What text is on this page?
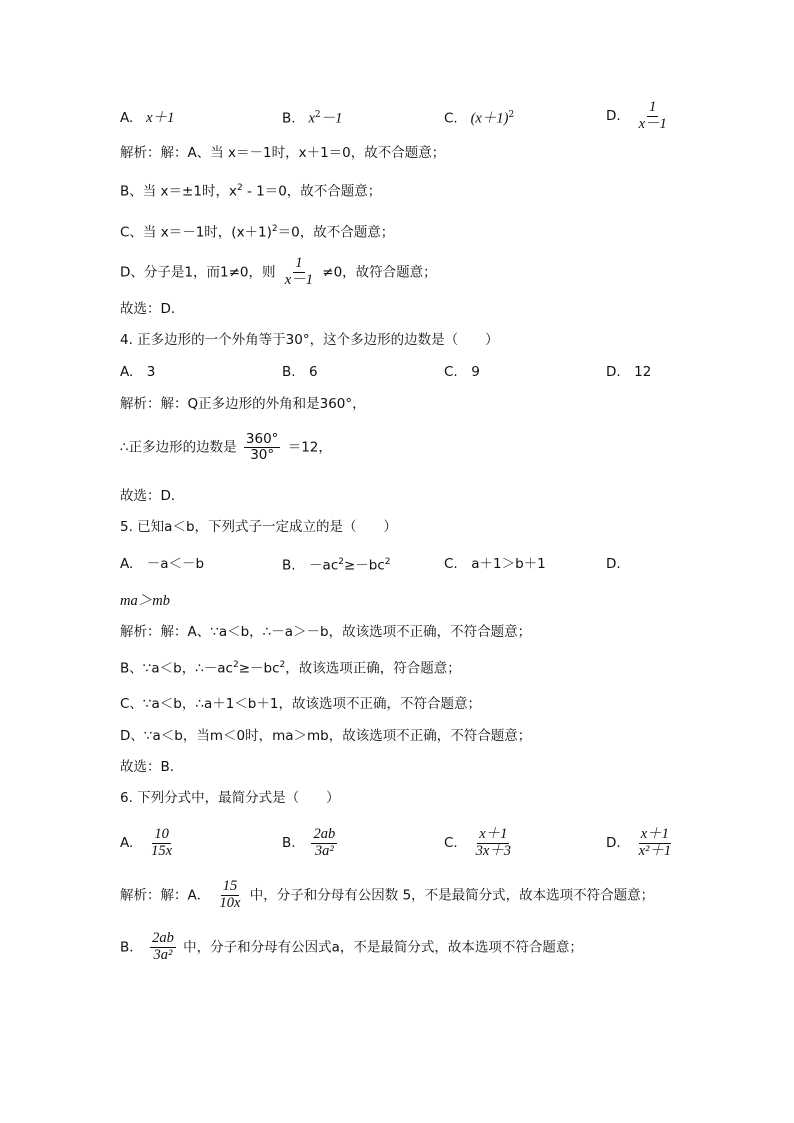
A. x＋1	B. $x^2-1$	C. $(x+1)^2$	D. $\frac{1}{x-1}$
解析：解：A、当 x＝－1时，x＋1＝0，故不合题意；
B、当 x＝±1时，$x^2 - 1=0$，故不合题意；
C、当 x＝－1时，$(x+1)^2=0$，故不合题意；
D、分子是1，而1≠0，则 $\frac{1}{x-1} \ne 0$，故符合题意；
故选：D．
4. 正多边形的一个外角等于30°，这个多边形的边数是（　　）
A.　3	B.　6	C.　9	D.　12
解析：解：Q正多边形的外角和是360°，
∴正多边形的边数是 $\frac{360^\circ}{30^\circ} =12$，
故选：D．
5. 已知a＜b，下列式子一定成立的是（　　）
A.　－a＜－b	B.　$-ac^2\ge-bc^2$	C.　a＋1＞b＋1	D.
ma＞mb
解析：解：A、∵a＜b，∴－a＞－b，故该选项不正确，不符合题意；
B、∵a＜b，$\therefore-ac^2\ge-bc^2$，故该选项正确，符合题意；
C、∵a＜b，∴a＋1＜b＋1，故该选项不正确，不符合题意；
D、∵a＜b，当m＜0时，ma＞mb，故该选项不正确，不符合题意；
故选：B．
6. 下列分式中，最简分式是（　　）
A. $\frac{10}{15x}$	B. $\frac{2ab}{\text{3a²}}$	C. $\frac{x+1}{3x+3}$	D. $\frac{x+1}{\text{x²＋1}}$
解析：解：A． $\frac{15}{10x}$ 中，分子和分母有公因数 5，不是最简分式，故本选项不符合题意；
B． $\frac{2ab}{\text{3a²}}$ 中，分子和分母有公因式a，不是最简分式，故本选项不符合题意；
